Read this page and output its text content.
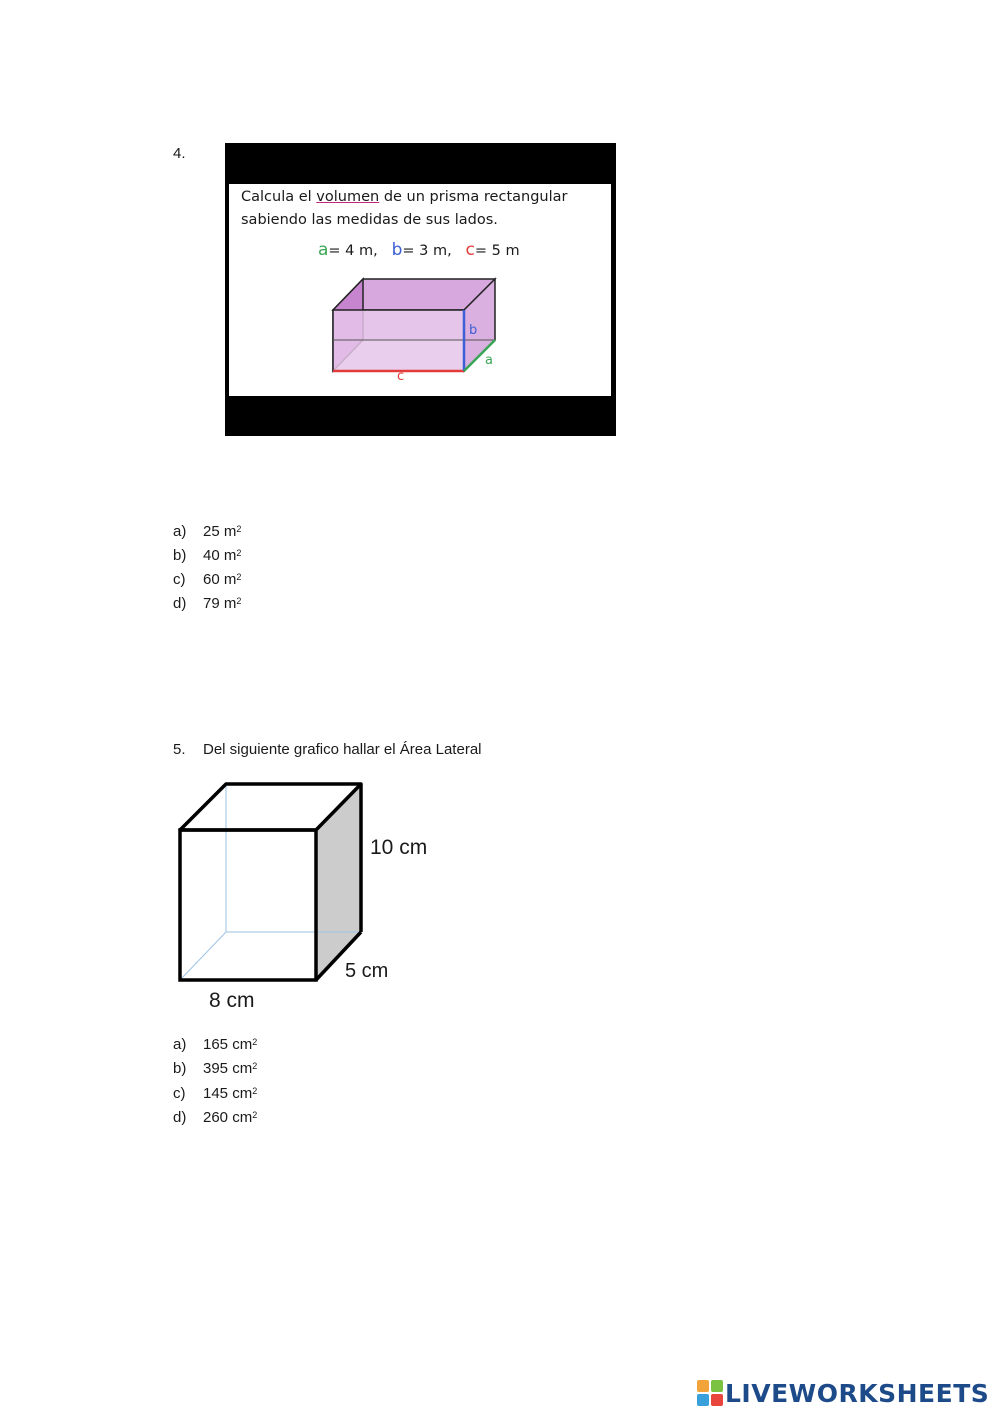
4.
Calcula el volumen de un prisma rectangular
sabiendo las medidas de sus lados.
a= 4 m, b= 3 m, c= 5 m
b
a
c
a) 25 $m^2$
b) 40 $m^2$
c) 60 $m^2$
d) 79 $m^2$
5. Del siguiente grafico hallar el Área Lateral
10 cm
5 cm
8 cm
a) 165 $cm^2$
b) 395 $cm^2$
c) 145 $cm^2$
d) 260 $cm^2$
LIVEWORKSHEETS
